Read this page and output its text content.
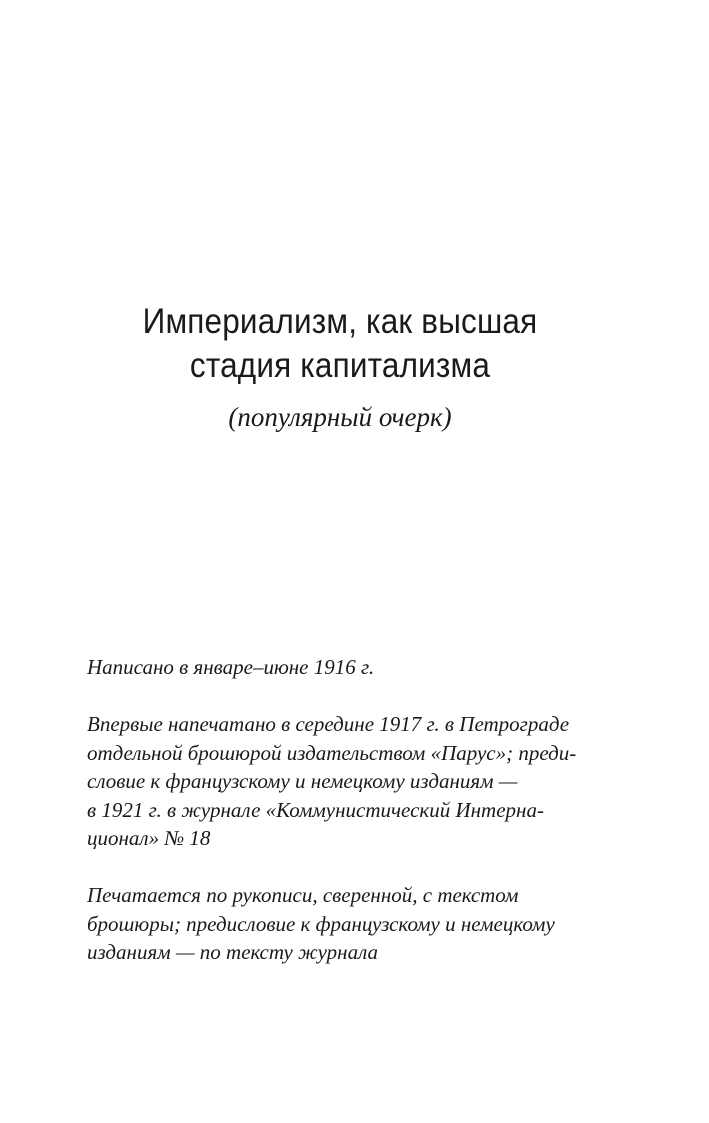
Империализм, как высшая
стадия капитализма
(популярный очерк)

Написано в январе–июне 1916 г.

Впервые напечатано в середине 1917 г. в Петрограде
отдельной брошюрой издательством «Парус»; преди-
словие к французскому и немецкому изданиям —
в 1921 г. в журнале «Коммунистический Интерна-
ционал» № 18

Печатается по рукописи, сверенной, с текстом
брошюры; предисловие к французскому и немецкому
изданиям — по тексту журнала
